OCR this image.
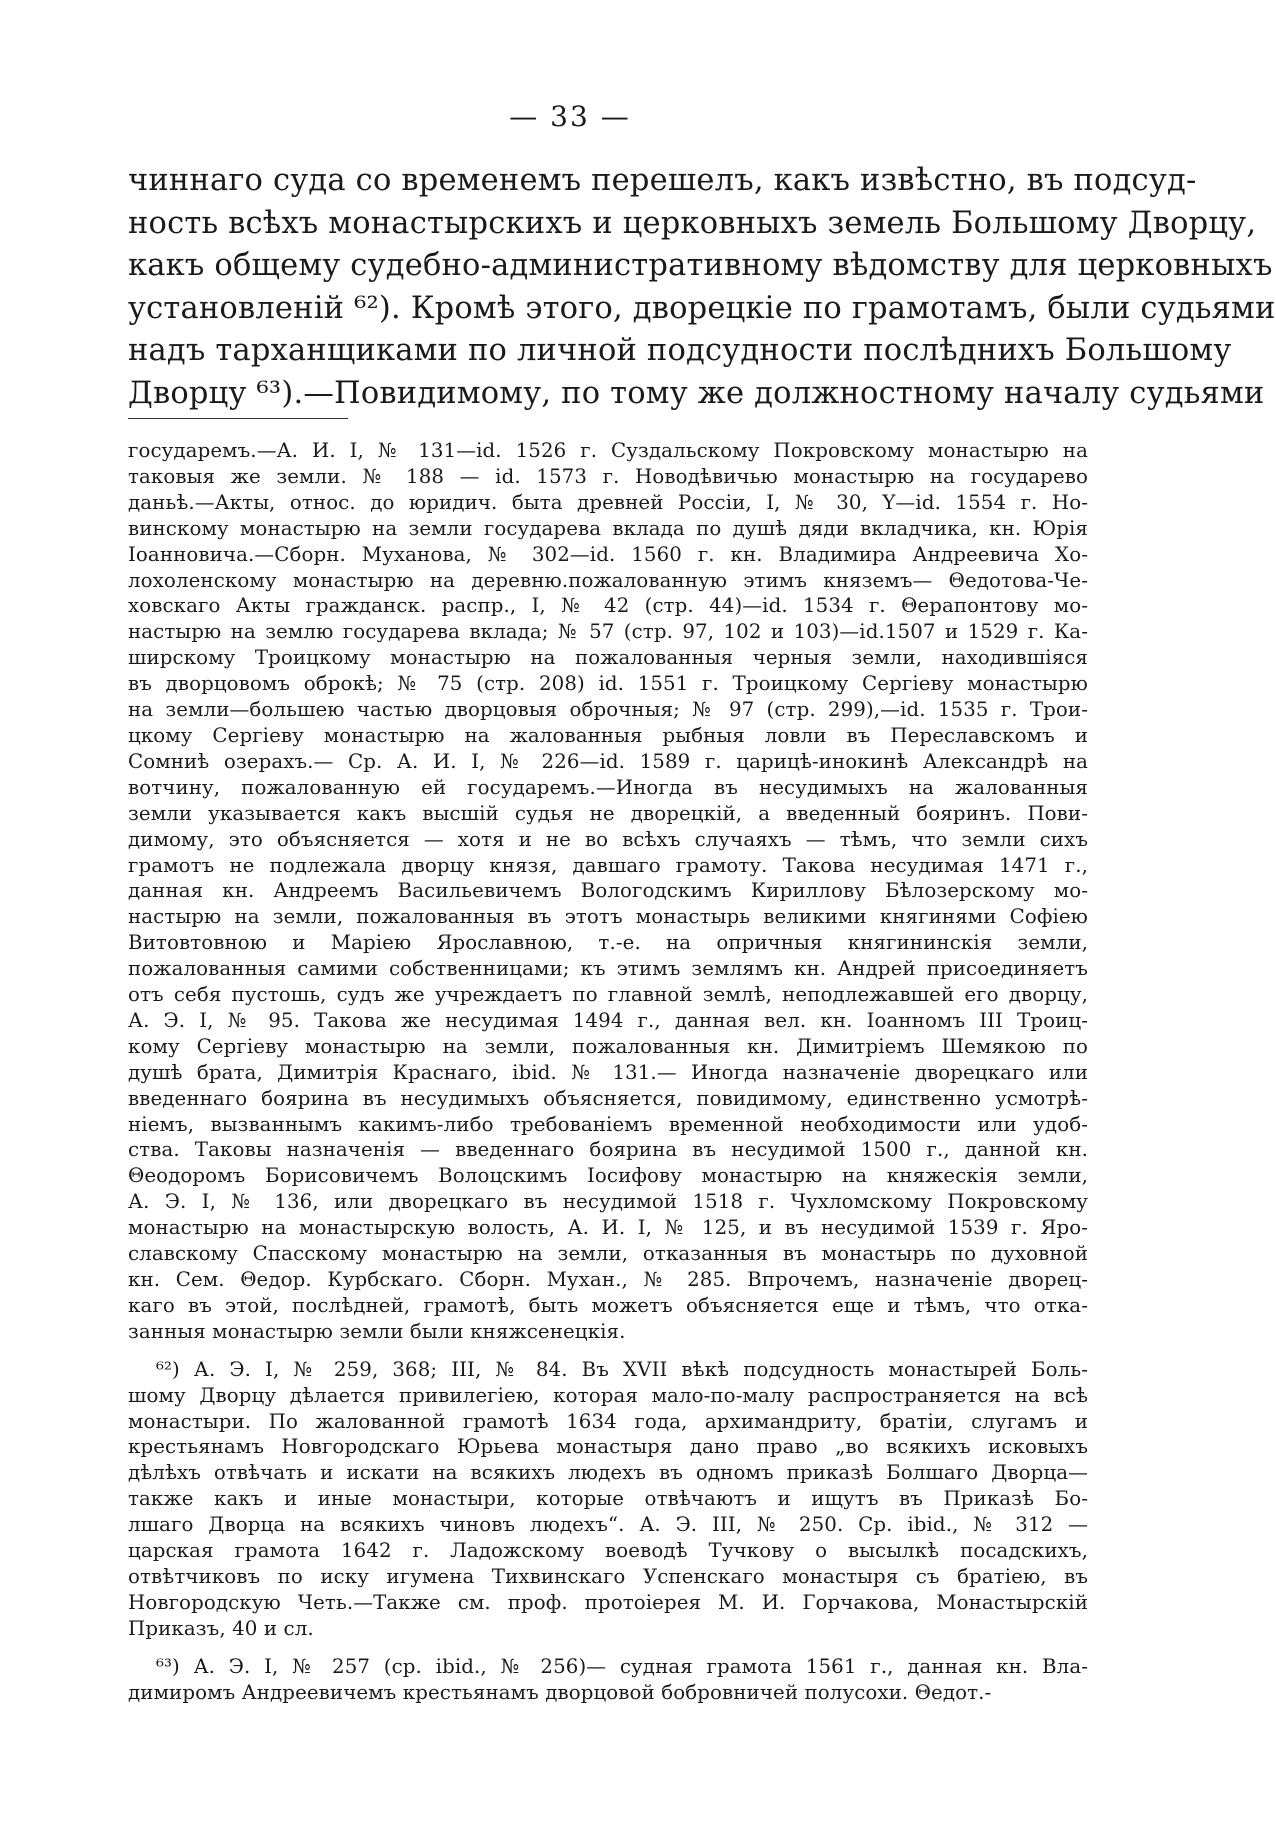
— 33 —
чиннаго суда со временемъ перешелъ, какъ извѣстно, въ подсуд-
ность всѣхъ монастырскихъ и церковныхъ земель Большому Дворцу,
какъ общему судебно-административному вѣдомству для церковныхъ
установленiй ⁶²). Кромѣ этого, дворецкiе по грамотамъ, были судьями
надъ тарханщиками по личной подсудности послѣднихъ Большому
Дворцу ⁶³).—Повидимому, по тому же должностному началу судьями
государемъ.—А. И. I, № 131—id. 1526 г. Суздальскому Покровскому монастырю на
таковыя же земли. № 188 — id. 1573 г. Новодѣвичью монастырю на государево
даньѣ.—Акты, относ. до юридич. быта древней Россiи, I, № 30, Y—id. 1554 г. Но-
винскому монастырю на земли государева вклада по душѣ дяди вкладчика, кн. Юрiя
Iоанновича.—Сборн. Муханова, № 302—id. 1560 г. кн. Владимира Андреевича Хо-
лохоленскому монастырю на деревню.пожалованную этимъ княземъ— Θедотова-Че-
ховскаго Акты гражданск. распр., I, № 42 (стр. 44)—id. 1534 г. Θерапонтову мо-
настырю на землю государева вклада; № 57 (стр. 97, 102 и 103)—id.1507 и 1529 г. Ка-
ширскому Троицкому монастырю на пожалованныя черныя земли, находившiяся
въ дворцовомъ оброкѣ; № 75 (стр. 208) id. 1551 г. Троицкому Сергiеву монастырю
на земли—большею частью дворцовыя оброчныя; № 97 (стр. 299),—id. 1535 г. Трои-
цкому Сергiеву монастырю на жалованныя рыбныя ловли въ Переславскомъ и
Сомниѣ озерахъ.— Ср. А. И. I, № 226—id. 1589 г. царицѣ-инокинѣ Александрѣ на
вотчину, пожалованную ей государемъ.—Иногда въ несудимыхъ на жалованныя
земли указывается какъ высшiй судья не дворецкiй, а введенный бояринъ. Пови-
димому, это объясняется — хотя и не во всѣхъ случаяхъ — тѣмъ, что земли сихъ
грамотъ не подлежала дворцу князя, давшаго грамоту. Такова несудимая 1471 г.,
данная кн. Андреемъ Васильевичемъ Вологодскимъ Кириллову Бѣлозерскому мо-
настырю на земли, пожалованныя въ этотъ монастырь великими княгинями Софiею
Витовтовною и Марiею Ярославною, т.-е. на опричныя княгининскiя земли,
пожалованныя самими собственницами; къ этимъ землямъ кн. Андрей присоединяетъ
отъ себя пустошь, судъ же учреждаетъ по главной землѣ, неподлежавшей его дворцу,
А. Э. I, № 95. Такова же несудимая 1494 г., данная вел. кн. Iоанномъ III Троиц-
кому Сергiеву монастырю на земли, пожалованныя кн. Димитрiемъ Шемякою по
душѣ брата, Димитрiя Краснаго, ibid. № 131.— Иногда назначенiе дворецкаго или
введеннаго боярина въ несудимыхъ объясняется, повидимому, единственно усмотрѣ-
нiемъ, вызваннымъ какимъ-либо требованiемъ временной необходимости или удоб-
ства. Таковы назначенiя — введеннаго боярина въ несудимой 1500 г., данной кн.
Θеодоромъ Борисовичемъ Волоцскимъ Iосифову монастырю на княжескiя земли,
А. Э. I, № 136, или дворецкаго въ несудимой 1518 г. Чухломскому Покровскому
монастырю на монастырскую волость, А. И. I, № 125, и въ несудимой 1539 г. Яро-
славскому Спасскому монастырю на земли, отказанныя въ монастырь по духовной
кн. Сем. Θедор. Курбскаго. Сборн. Мухан., № 285. Впрочемъ, назначенiе дворец-
каго въ этой, послѣдней, грамотѣ, быть можетъ объясняется еще и тѣмъ, что отка-
занныя монастырю земли были княжсенецкiя.
⁶²) А. Э. I, № 259, 368; III, № 84. Въ XVII вѣкѣ подсудность монастырей Боль-
шому Дворцу дѣлается привилегiею, которая мало-по-малу распространяется на всѣ
монастыри. По жалованной грамотѣ 1634 года, архимандриту, братiи, слугамъ и
крестьянамъ Новгородскаго Юрьева монастыря дано право „во всякихъ исковыхъ
дѣлѣхъ отвѣчать и искати на всякихъ людехъ въ одномъ приказѣ Болшаго Дворца—
также какъ и иные монастыри, которые отвѣчаютъ и ищутъ въ Приказѣ Бо-
лшаго Дворца на всякихъ чиновъ людехъ“. А. Э. III, № 250. Ср. ibid., № 312 —
царская грамота 1642 г. Ладожскому воеводѣ Тучкову о высылкѣ посадскихъ,
отвѣтчиковъ по иску игумена Тихвинскаго Успенскаго монастыря съ братiею, въ
Новгородскую Четь.—Также см. проф. протоiерея М. И. Горчакова, Монастырскiй
Приказъ, 40 и сл.
⁶³) А. Э. I, № 257 (ср. ibid., № 256)— судная грамота 1561 г., данная кн. Вла-
димиромъ Андреевичемъ крестьянамъ дворцовой бобровничей полусохи. Θедот.-
